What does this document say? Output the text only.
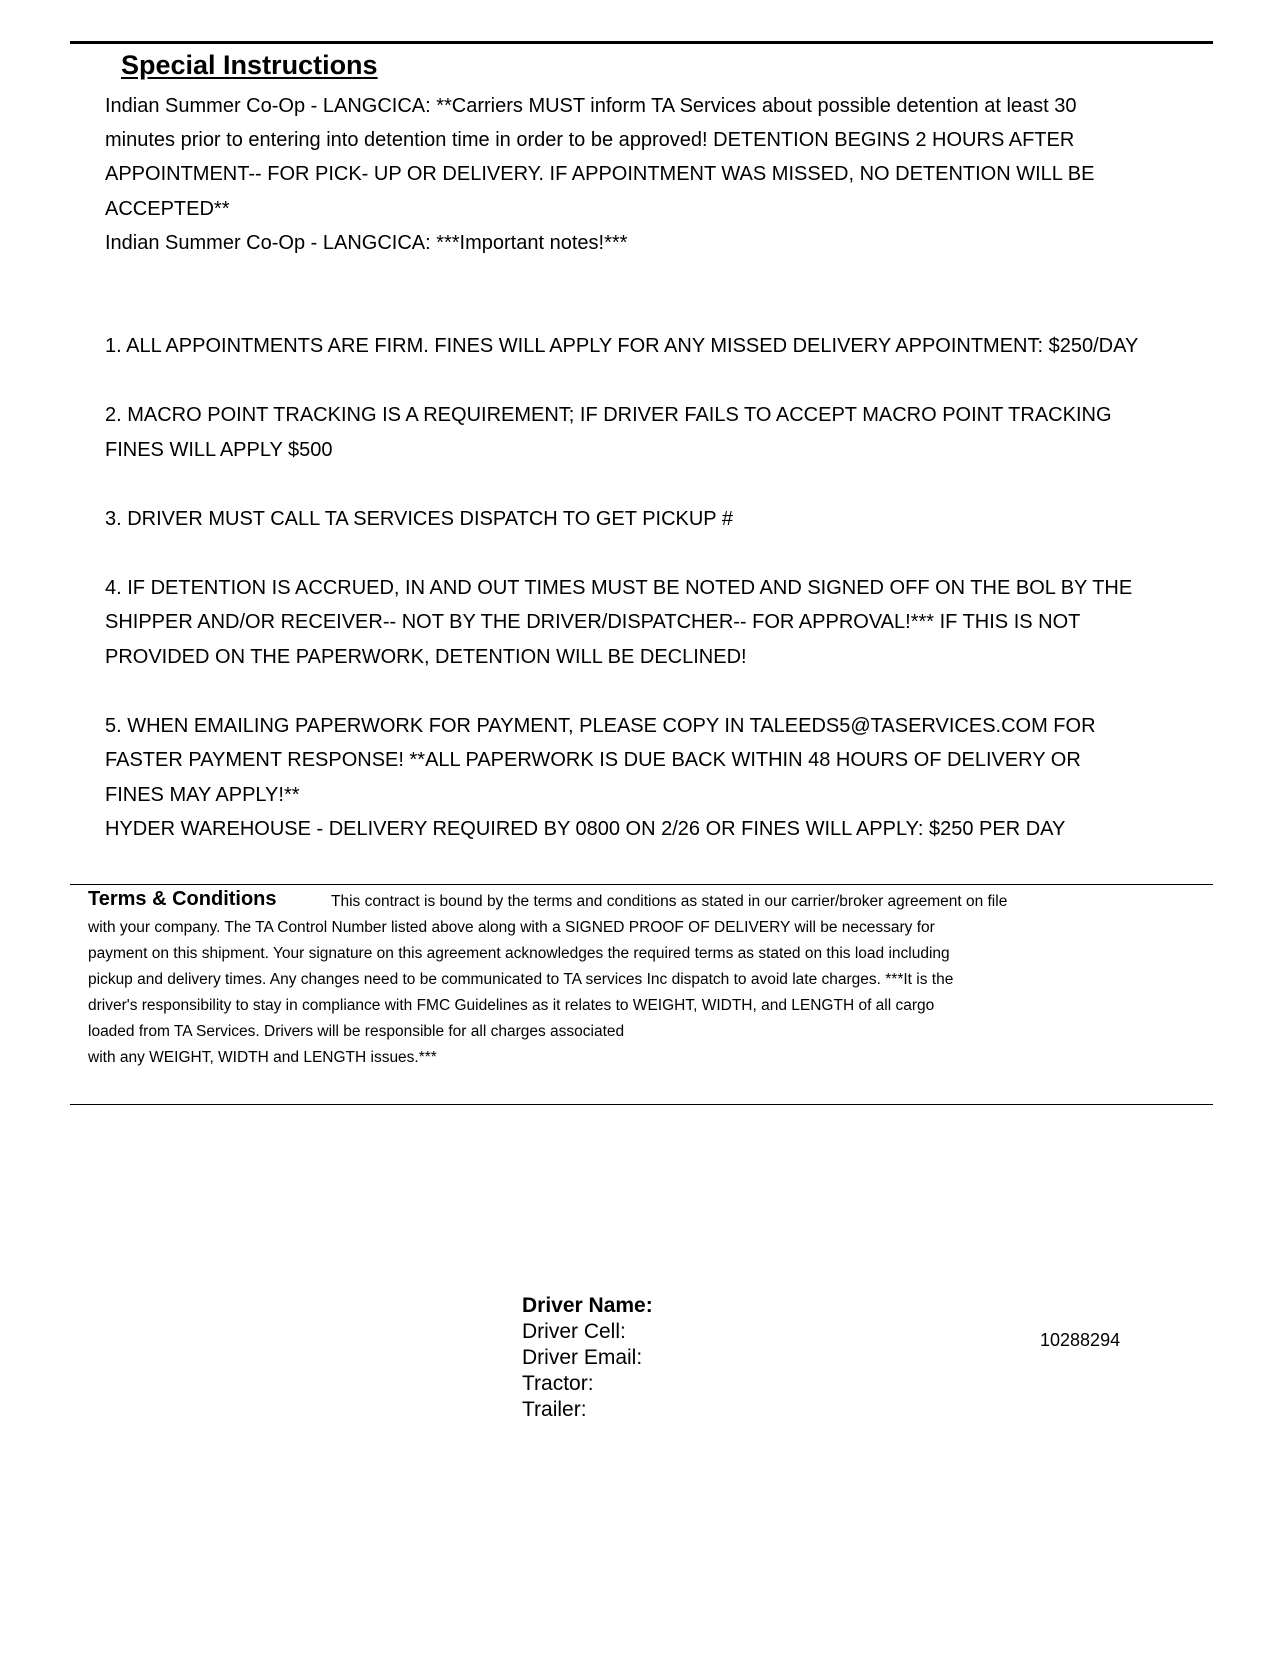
Special Instructions
Indian Summer Co-Op - LANGCICA: **Carriers MUST inform TA Services about possible detention at least 30
minutes prior to entering into detention time in order to be approved! DETENTION BEGINS 2 HOURS AFTER
APPOINTMENT-- FOR PICK- UP OR DELIVERY. IF APPOINTMENT WAS MISSED, NO DETENTION WILL BE
ACCEPTED**
Indian Summer Co-Op - LANGCICA: ***Important notes!***
1. ALL APPOINTMENTS ARE FIRM. FINES WILL APPLY FOR ANY MISSED DELIVERY APPOINTMENT: $250/DAY
2. MACRO POINT TRACKING IS A REQUIREMENT; IF DRIVER FAILS TO ACCEPT MACRO POINT TRACKING
FINES WILL APPLY $500
3. DRIVER MUST CALL TA SERVICES DISPATCH TO GET PICKUP #
4. IF DETENTION IS ACCRUED, IN AND OUT TIMES MUST BE NOTED AND SIGNED OFF ON THE BOL BY THE
SHIPPER AND/OR RECEIVER-- NOT BY THE DRIVER/DISPATCHER-- FOR APPROVAL!*** IF THIS IS NOT
PROVIDED ON THE PAPERWORK, DETENTION WILL BE DECLINED!
5. WHEN EMAILING PAPERWORK FOR PAYMENT, PLEASE COPY IN TALEEDS5@TASERVICES.COM FOR
FASTER PAYMENT RESPONSE! **ALL PAPERWORK IS DUE BACK WITHIN 48 HOURS OF DELIVERY OR
FINES MAY APPLY!**
HYDER WAREHOUSE - DELIVERY REQUIRED BY 0800 ON 2/26 OR FINES WILL APPLY: $250 PER DAY
Terms & Conditions	This contract is bound by the terms and conditions as stated in our carrier/broker agreement on file
with your company. The TA Control Number listed above along with a SIGNED PROOF OF DELIVERY will be necessary for
payment on this shipment. Your signature on this agreement acknowledges the required terms as stated on this load including
pickup and delivery times. Any changes need to be communicated to TA services Inc dispatch to avoid late charges. ***It is the
driver's responsibility to stay in compliance with FMC Guidelines as it relates to WEIGHT, WIDTH, and LENGTH of all cargo
loaded from TA Services. Drivers will be responsible for all charges associated
with any WEIGHT, WIDTH and LENGTH issues.***
Driver Name:
Driver Cell:
Driver Email:
Tractor:
Trailer:
10288294
